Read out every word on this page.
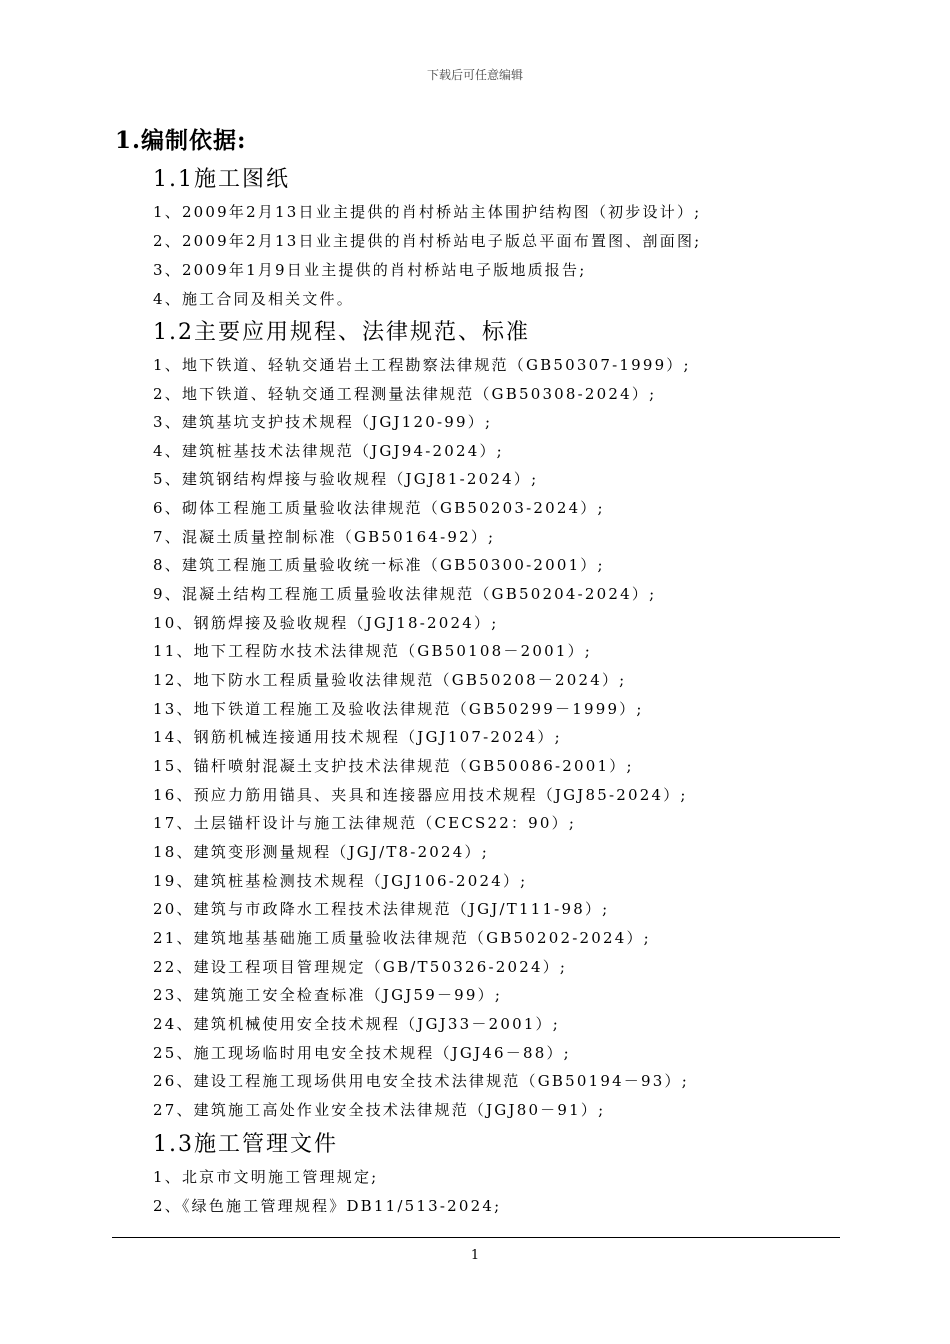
下载后可任意编辑
1.编制依据:
1.1施工图纸
1、2009年2月13日业主提供的肖村桥站主体围护结构图（初步设计）;
2、2009年2月13日业主提供的肖村桥站电子版总平面布置图、剖面图;
3、2009年1月9日业主提供的肖村桥站电子版地质报告;
4、施工合同及相关文件。
1.2主要应用规程、法律规范、标准
1、地下铁道、轻轨交通岩土工程勘察法律规范（GB50307-1999）;
2、地下铁道、轻轨交通工程测量法律规范（GB50308-2024）;
3、建筑基坑支护技术规程（JGJ120-99）;
4、建筑桩基技术法律规范（JGJ94-2024）;
5、建筑钢结构焊接与验收规程（JGJ81-2024）;
6、砌体工程施工质量验收法律规范（GB50203-2024）;
7、混凝土质量控制标准（GB50164-92）;
8、建筑工程施工质量验收统一标准（GB50300-2001）;
9、混凝土结构工程施工质量验收法律规范（GB50204-2024）;
10、钢筋焊接及验收规程（JGJ18-2024）;
11、地下工程防水技术法律规范（GB50108－2001）;
12、地下防水工程质量验收法律规范（GB50208－2024）;
13、地下铁道工程施工及验收法律规范（GB50299－1999）;
14、钢筋机械连接通用技术规程（JGJ107-2024）;
15、锚杆喷射混凝土支护技术法律规范（GB50086-2001）;
16、预应力筋用锚具、夹具和连接器应用技术规程（JGJ85-2024）;
17、土层锚杆设计与施工法律规范（CECS22：90）;
18、建筑变形测量规程（JGJ/T8-2024）;
19、建筑桩基检测技术规程（JGJ106-2024）;
20、建筑与市政降水工程技术法律规范（JGJ/T111-98）;
21、建筑地基基础施工质量验收法律规范（GB50202-2024）;
22、建设工程项目管理规定（GB/T50326-2024）;
23、建筑施工安全检查标准（JGJ59－99）;
24、建筑机械使用安全技术规程（JGJ33－2001）;
25、施工现场临时用电安全技术规程（JGJ46－88）;
26、建设工程施工现场供用电安全技术法律规范（GB50194－93）;
27、建筑施工高处作业安全技术法律规范（JGJ80－91）;
1.3施工管理文件
1、北京市文明施工管理规定;
2、《绿色施工管理规程》DB11/513-2024;
1
